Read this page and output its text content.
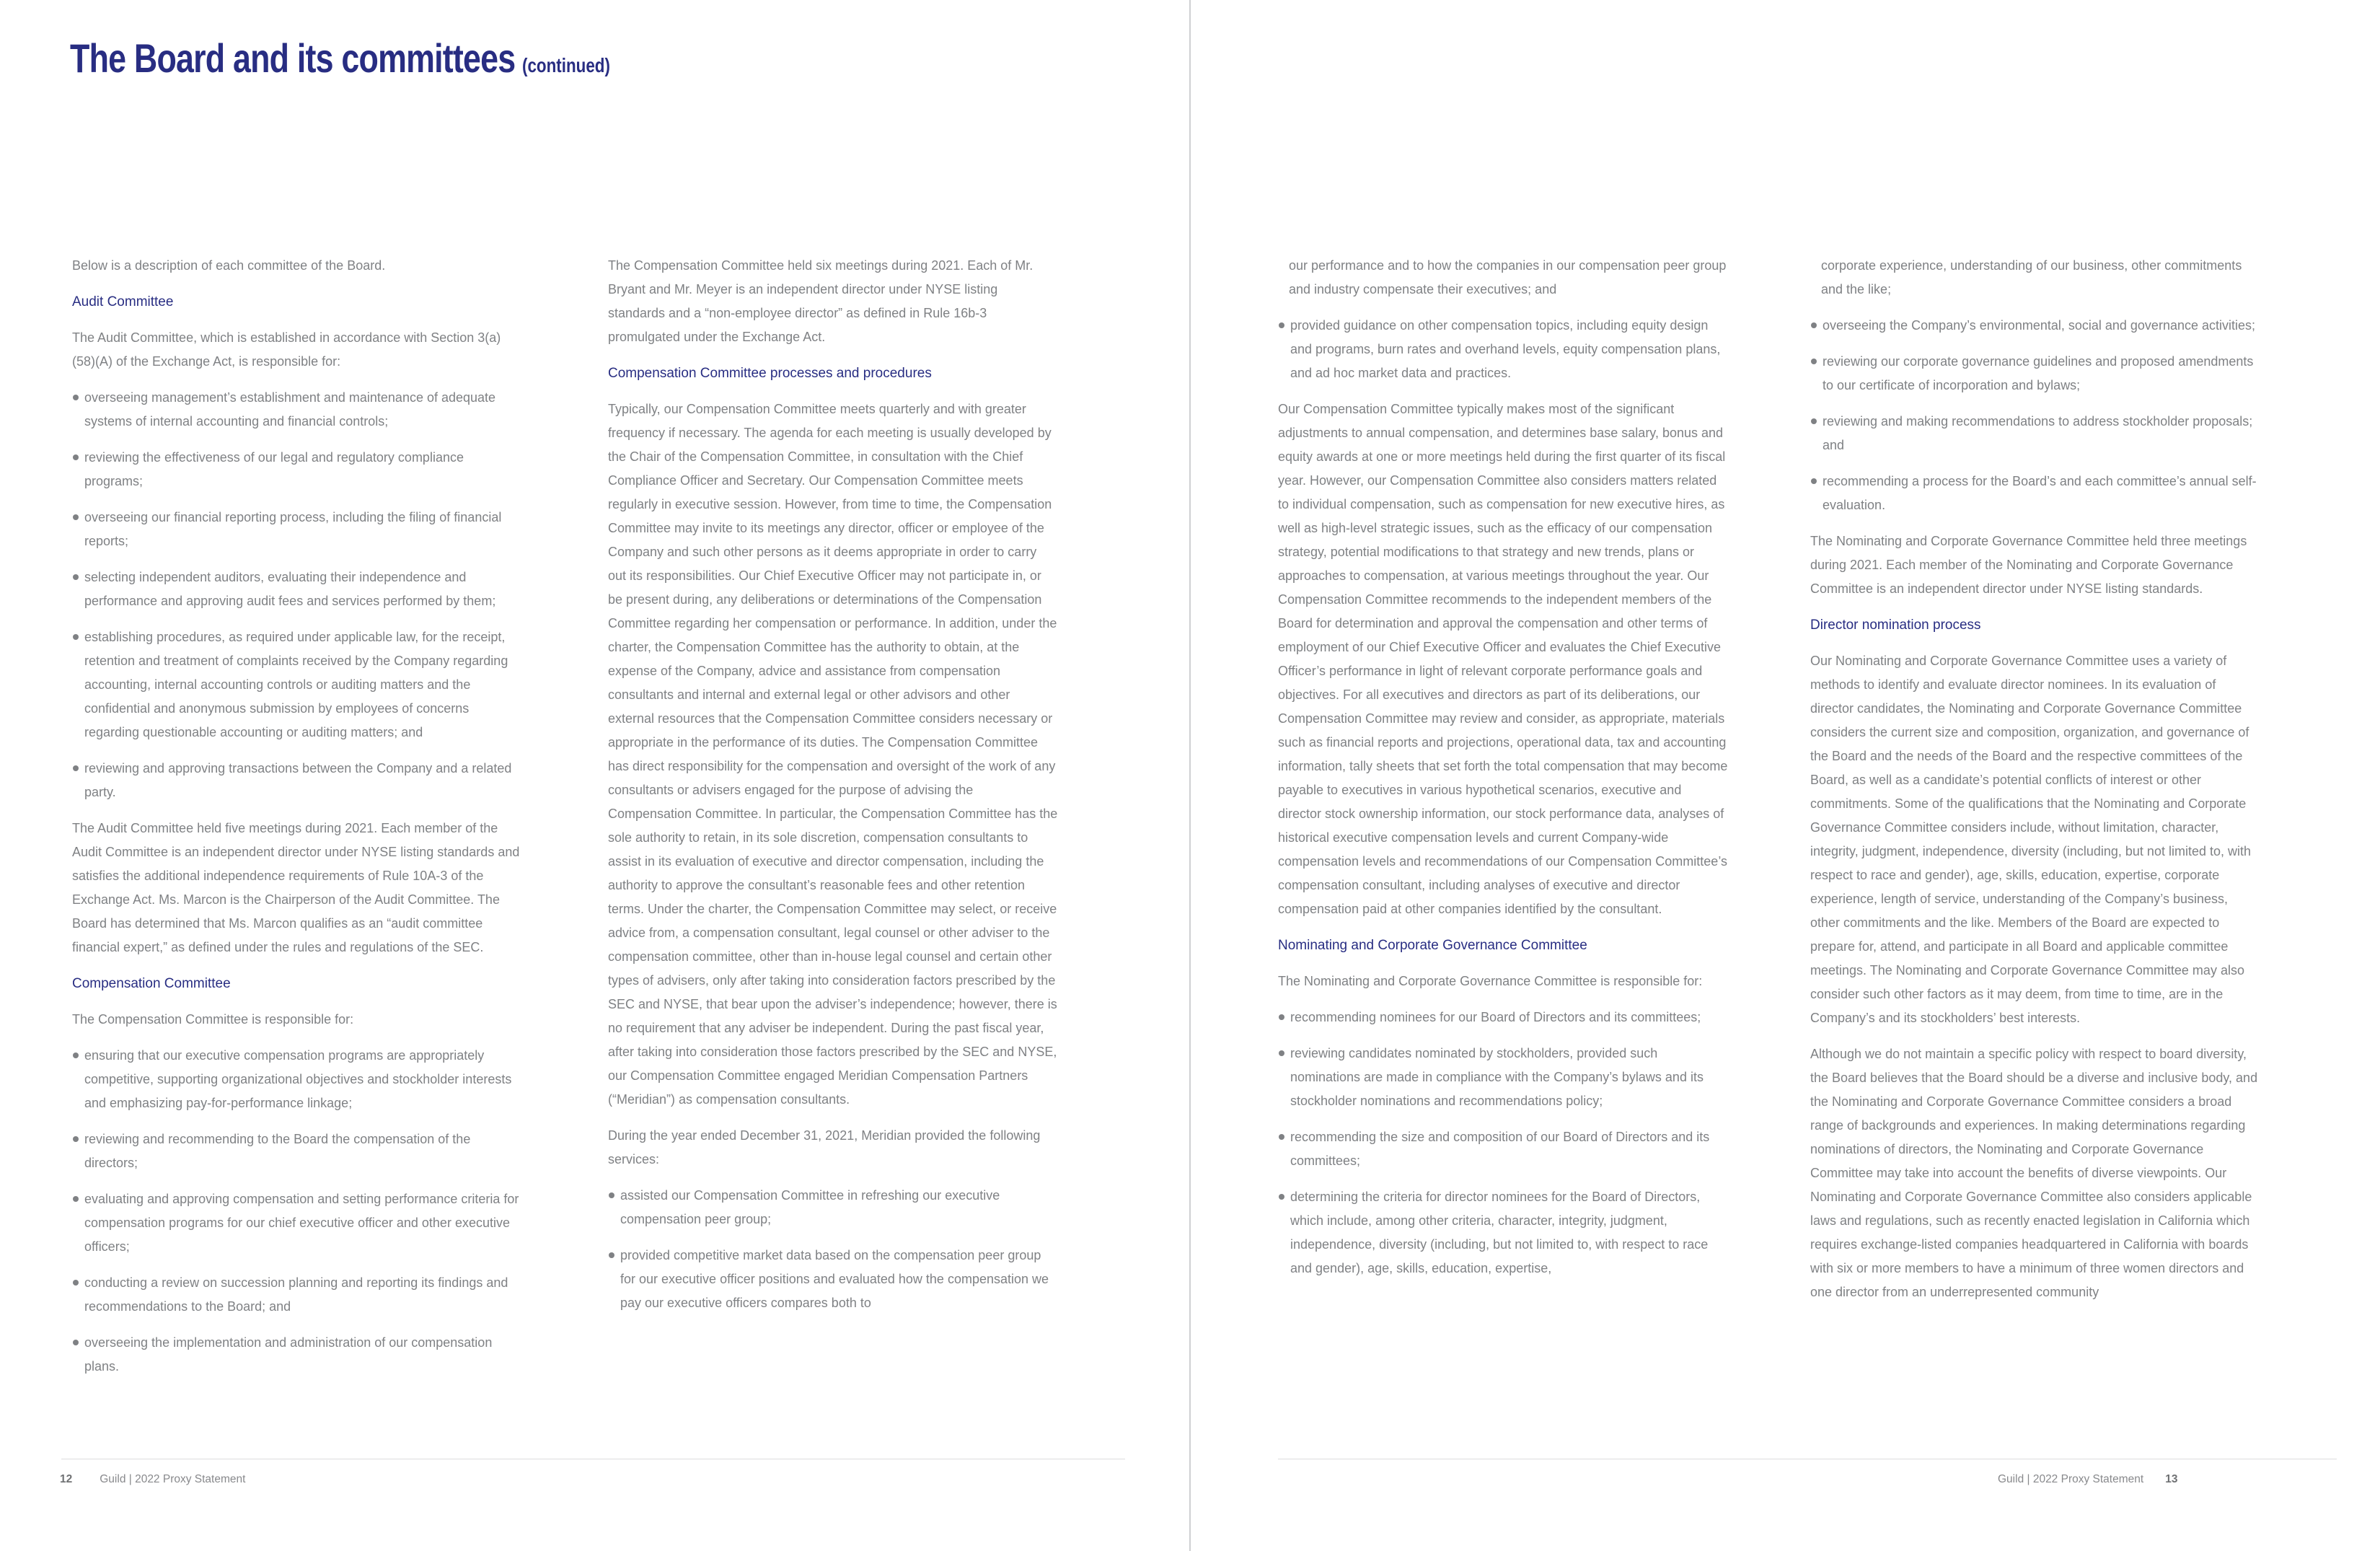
The Board and its committees (continued)
Below is a description of each committee of the Board.
Audit Committee
The Audit Committee, which is established in accordance with Section 3(a)(58)(A) of the Exchange Act, is responsible for:
overseeing management’s establishment and maintenance of adequate systems of internal accounting and financial controls;
reviewing the effectiveness of our legal and regulatory compliance programs;
overseeing our financial reporting process, including the filing of financial reports;
selecting independent auditors, evaluating their independence and performance and approving audit fees and services performed by them;
establishing procedures, as required under applicable law, for the receipt, retention and treatment of complaints received by the Company regarding accounting, internal accounting controls or auditing matters and the confidential and anonymous submission by employees of concerns regarding questionable accounting or auditing matters; and
reviewing and approving transactions between the Company and a related party.
The Audit Committee held five meetings during 2021. Each member of the Audit Committee is an independent director under NYSE listing standards and satisfies the additional independence requirements of Rule 10A-3 of the Exchange Act. Ms. Marcon is the Chairperson of the Audit Committee. The Board has determined that Ms. Marcon qualifies as an “audit committee financial expert,” as defined under the rules and regulations of the SEC.
Compensation Committee
The Compensation Committee is responsible for:
ensuring that our executive compensation programs are appropriately competitive, supporting organizational objectives and stockholder interests and emphasizing pay-for-performance linkage;
reviewing and recommending to the Board the compensation of the directors;
evaluating and approving compensation and setting performance criteria for compensation programs for our chief executive officer and other executive officers;
conducting a review on succession planning and reporting its findings and recommendations to the Board; and
overseeing the implementation and administration of our compensation plans.
The Compensation Committee held six meetings during 2021. Each of Mr. Bryant and Mr. Meyer is an independent director under NYSE listing standards and a “non-employee director” as defined in Rule 16b-3 promulgated under the Exchange Act.
Compensation Committee processes and procedures
Typically, our Compensation Committee meets quarterly and with greater frequency if necessary. The agenda for each meeting is usually developed by the Chair of the Compensation Committee, in consultation with the Chief Compliance Officer and Secretary. Our Compensation Committee meets regularly in executive session. However, from time to time, the Compensation Committee may invite to its meetings any director, officer or employee of the Company and such other persons as it deems appropriate in order to carry out its responsibilities. Our Chief Executive Officer may not participate in, or be present during, any deliberations or determinations of the Compensation Committee regarding her compensation or performance. In addition, under the charter, the Compensation Committee has the authority to obtain, at the expense of the Company, advice and assistance from compensation consultants and internal and external legal or other advisors and other external resources that the Compensation Committee considers necessary or appropriate in the performance of its duties. The Compensation Committee has direct responsibility for the compensation and oversight of the work of any consultants or advisers engaged for the purpose of advising the Compensation Committee. In particular, the Compensation Committee has the sole authority to retain, in its sole discretion, compensation consultants to assist in its evaluation of executive and director compensation, including the authority to approve the consultant’s reasonable fees and other retention terms. Under the charter, the Compensation Committee may select, or receive advice from, a compensation consultant, legal counsel or other adviser to the compensation committee, other than in-house legal counsel and certain other types of advisers, only after taking into consideration factors prescribed by the SEC and NYSE, that bear upon the adviser’s independence; however, there is no requirement that any adviser be independent. During the past fiscal year, after taking into consideration those factors prescribed by the SEC and NYSE, our Compensation Committee engaged Meridian Compensation Partners (“Meridian”) as compensation consultants.
During the year ended December 31, 2021, Meridian provided the following services:
assisted our Compensation Committee in refreshing our executive compensation peer group;
provided competitive market data based on the compensation peer group for our executive officer positions and evaluated how the compensation we pay our executive officers compares both to
our performance and to how the companies in our compensation peer group and industry compensate their executives; and
provided guidance on other compensation topics, including equity design and programs, burn rates and overhand levels, equity compensation plans, and ad hoc market data and practices.
Our Compensation Committee typically makes most of the significant adjustments to annual compensation, and determines base salary, bonus and equity awards at one or more meetings held during the first quarter of its fiscal year. However, our Compensation Committee also considers matters related to individual compensation, such as compensation for new executive hires, as well as high-level strategic issues, such as the efficacy of our compensation strategy, potential modifications to that strategy and new trends, plans or approaches to compensation, at various meetings throughout the year. Our Compensation Committee recommends to the independent members of the Board for determination and approval the compensation and other terms of employment of our Chief Executive Officer and evaluates the Chief Executive Officer’s performance in light of relevant corporate performance goals and objectives. For all executives and directors as part of its deliberations, our Compensation Committee may review and consider, as appropriate, materials such as financial reports and projections, operational data, tax and accounting information, tally sheets that set forth the total compensation that may become payable to executives in various hypothetical scenarios, executive and director stock ownership information, our stock performance data, analyses of historical executive compensation levels and current Company-wide compensation levels and recommendations of our Compensation Committee’s compensation consultant, including analyses of executive and director compensation paid at other companies identified by the consultant.
Nominating and Corporate Governance Committee
The Nominating and Corporate Governance Committee is responsible for:
recommending nominees for our Board of Directors and its committees;
reviewing candidates nominated by stockholders, provided such nominations are made in compliance with the Company’s bylaws and its stockholder nominations and recommendations policy;
recommending the size and composition of our Board of Directors and its committees;
determining the criteria for director nominees for the Board of Directors, which include, among other criteria, character, integrity, judgment, independence, diversity (including, but not limited to, with respect to race and gender), age, skills, education, expertise,
corporate experience, understanding of our business, other commitments and the like;
overseeing the Company’s environmental, social and governance activities;
reviewing our corporate governance guidelines and proposed amendments to our certificate of incorporation and bylaws;
reviewing and making recommendations to address stockholder proposals; and
recommending a process for the Board’s and each committee’s annual self-evaluation.
The Nominating and Corporate Governance Committee held three meetings during 2021. Each member of the Nominating and Corporate Governance Committee is an independent director under NYSE listing standards.
Director nomination process
Our Nominating and Corporate Governance Committee uses a variety of methods to identify and evaluate director nominees. In its evaluation of director candidates, the Nominating and Corporate Governance Committee considers the current size and composition, organization, and governance of the Board and the needs of the Board and the respective committees of the Board, as well as a candidate’s potential conflicts of interest or other commitments. Some of the qualifications that the Nominating and Corporate Governance Committee considers include, without limitation, character, integrity, judgment, independence, diversity (including, but not limited to, with respect to race and gender), age, skills, education, expertise, corporate experience, length of service, understanding of the Company’s business, other commitments and the like. Members of the Board are expected to prepare for, attend, and participate in all Board and applicable committee meetings. The Nominating and Corporate Governance Committee may also consider such other factors as it may deem, from time to time, are in the Company’s and its stockholders’ best interests.
Although we do not maintain a specific policy with respect to board diversity, the Board believes that the Board should be a diverse and inclusive body, and the Nominating and Corporate Governance Committee considers a broad range of backgrounds and experiences. In making determinations regarding nominations of directors, the Nominating and Corporate Governance Committee may take into account the benefits of diverse viewpoints. Our Nominating and Corporate Governance Committee also considers applicable laws and regulations, such as recently enacted legislation in California which requires exchange-listed companies headquartered in California with boards with six or more members to have a minimum of three women directors and one director from an underrepresented community
12 Guild | 2022 Proxy Statement	Guild | 2022 Proxy Statement 13
